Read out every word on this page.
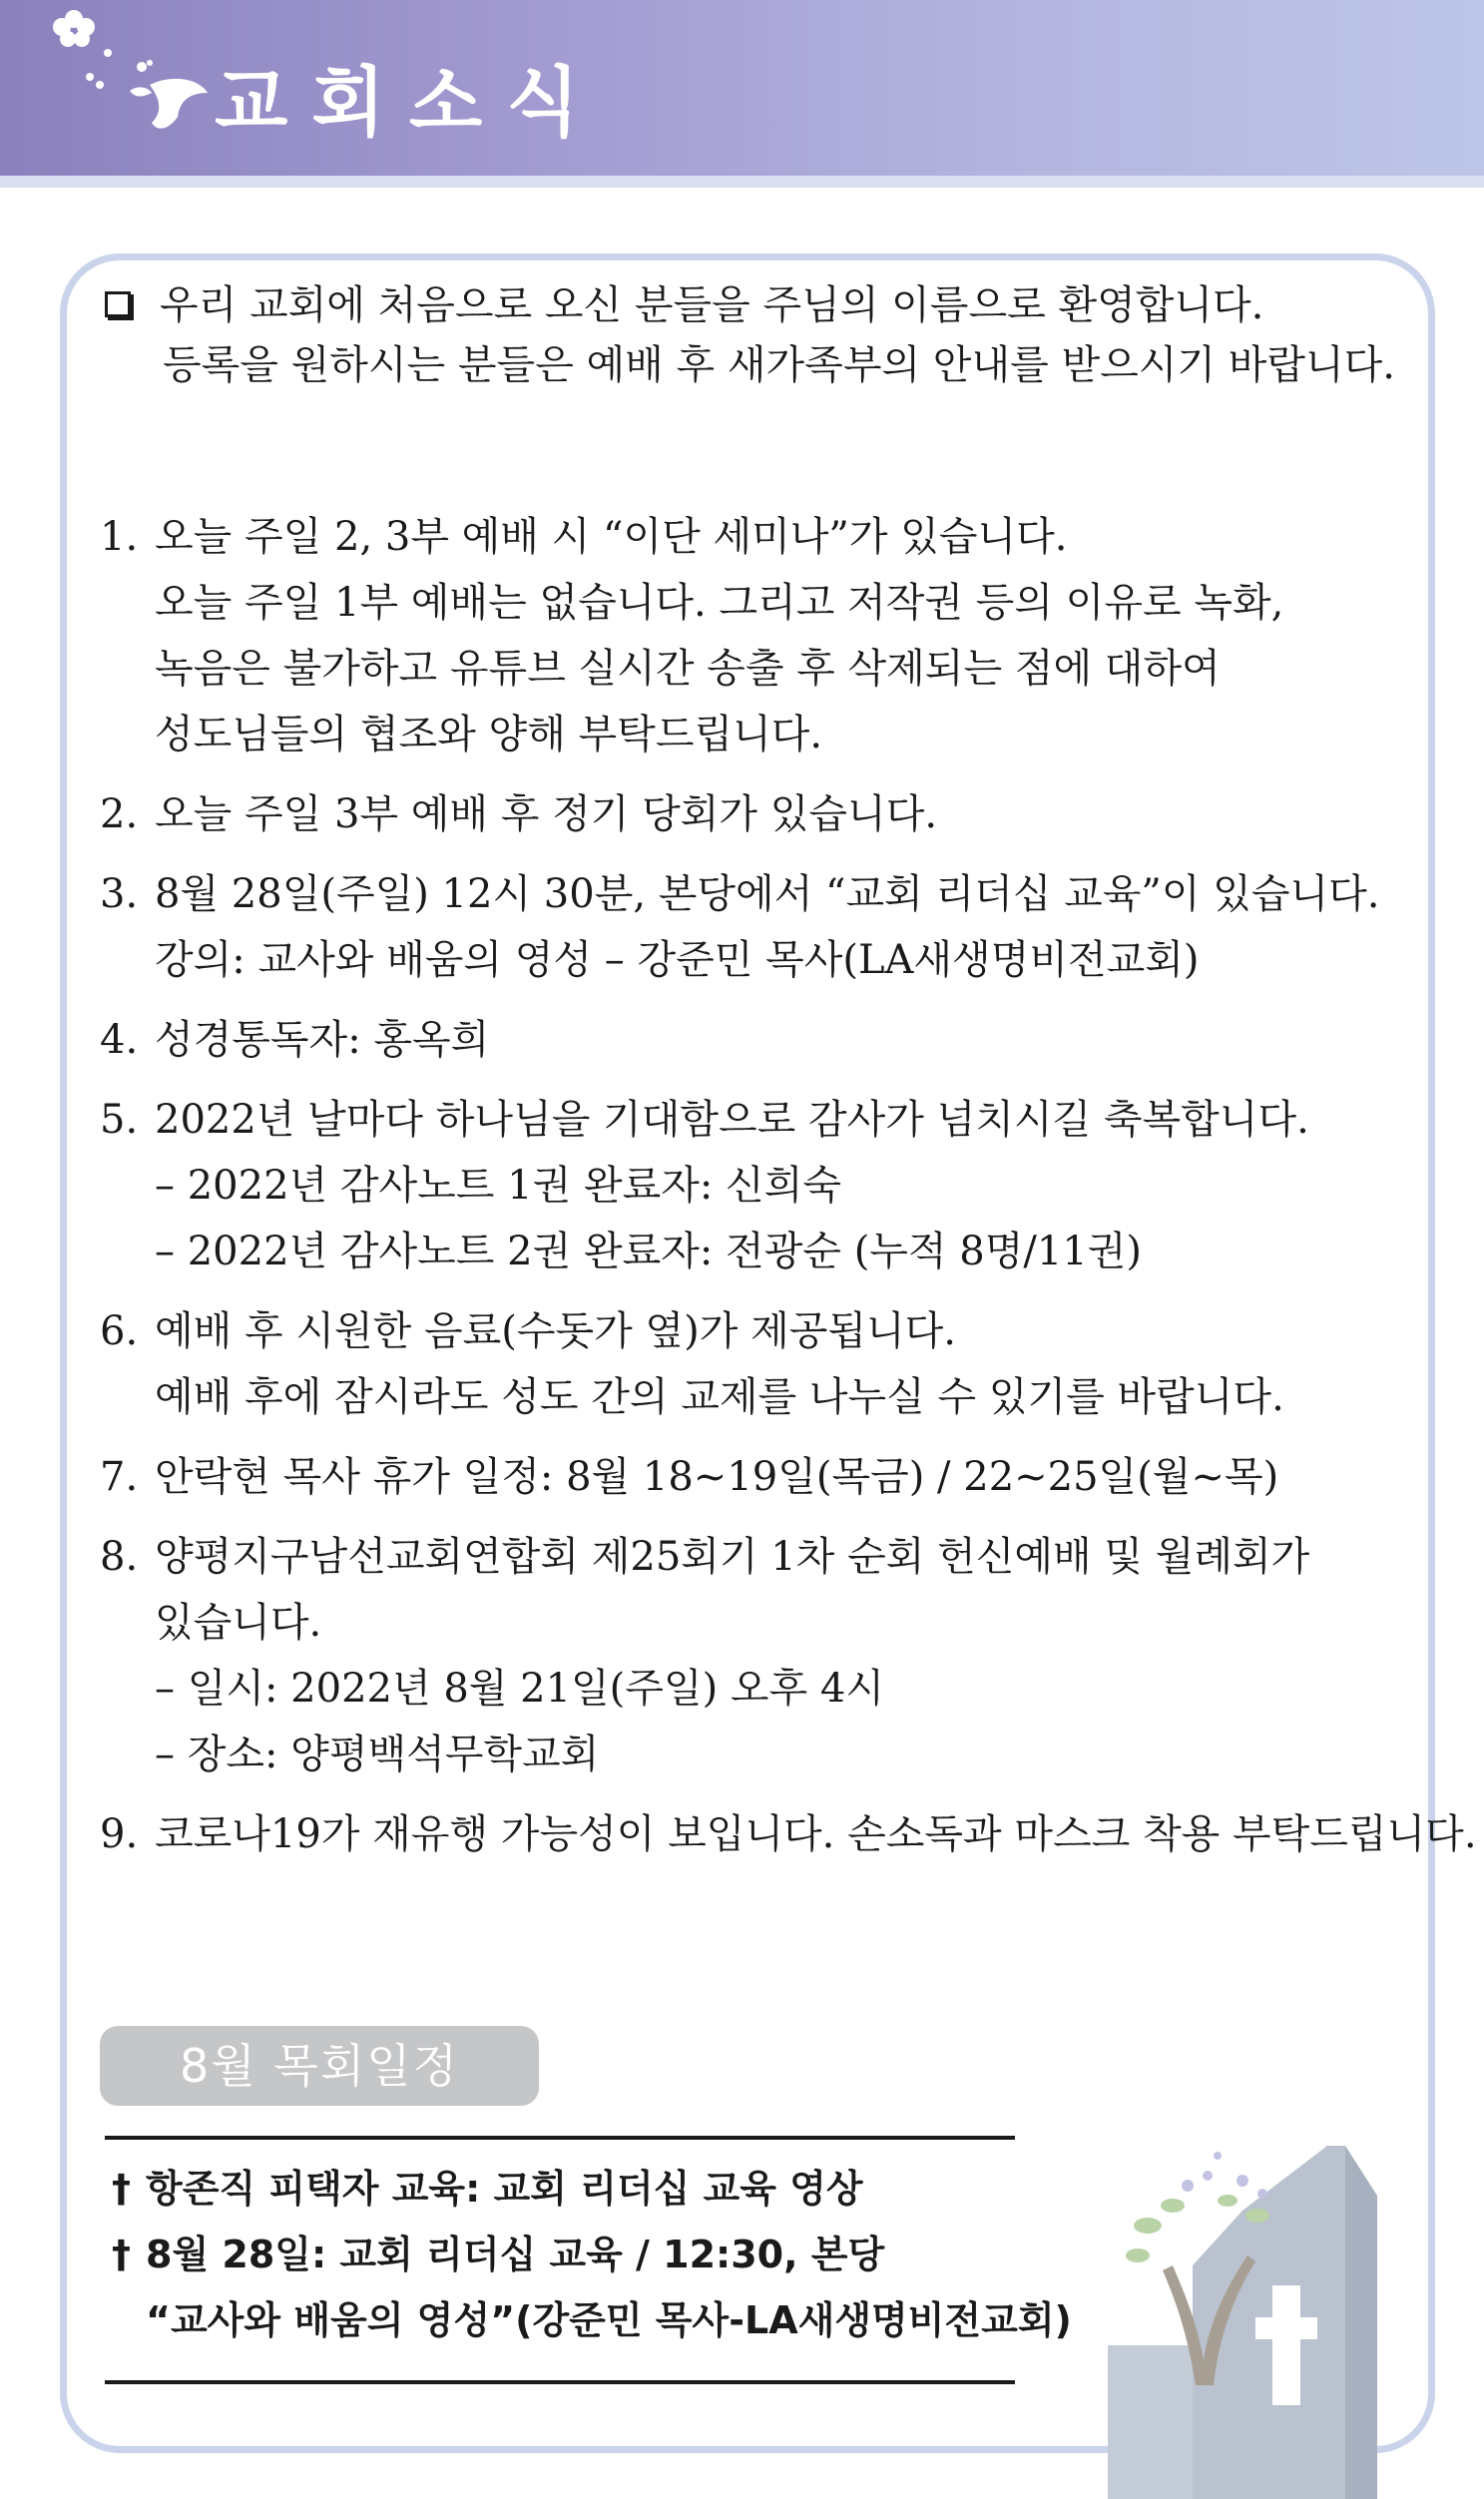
교회소식
우리 교회에 처음으로 오신 분들을 주님의 이름으로 환영합니다.
등록을 원하시는 분들은 예배 후 새가족부의 안내를 받으시기 바랍니다.
1. 오늘 주일 2, 3부 예배 시 “이단 세미나”가 있습니다.
오늘 주일 1부 예배는 없습니다. 그리고 저작권 등의 이유로 녹화,
녹음은 불가하고 유튜브 실시간 송출 후 삭제되는 점에 대하여
성도님들의 협조와 양해 부탁드립니다.
2. 오늘 주일 3부 예배 후 정기 당회가 있습니다.
3. 8월 28일(주일) 12시 30분, 본당에서 “교회 리더십 교육”이 있습니다.
강의: 교사와 배움의 영성 – 강준민 목사(LA새생명비전교회)
4. 성경통독자: 홍옥희
5. 2022년 날마다 하나님을 기대함으로 감사가 넘치시길 축복합니다.
– 2022년 감사노트 1권 완료자: 신희숙
– 2022년 감사노트 2권 완료자: 전광순 (누적 8명/11권)
6. 예배 후 시원한 음료(수돗가 옆)가 제공됩니다.
예배 후에 잠시라도 성도 간의 교제를 나누실 수 있기를 바랍니다.
7. 안락현 목사 휴가 일정: 8월 18~19일(목금) / 22~25일(월~목)
8. 양평지구남선교회연합회 제25회기 1차 순회 헌신예배 및 월례회가
있습니다.
– 일시: 2022년 8월 21일(주일) 오후 4시
– 장소: 양평백석무학교회
9. 코로나19가 재유행 가능성이 보입니다. 손소독과 마스크 착용 부탁드립니다.
8월 목회일정
† 항존직 피택자 교육: 교회 리더십 교육 영상
† 8월 28일: 교회 리더십 교육 / 12:30, 본당
“교사와 배움의 영성”(강준민 목사-LA새생명비전교회)
